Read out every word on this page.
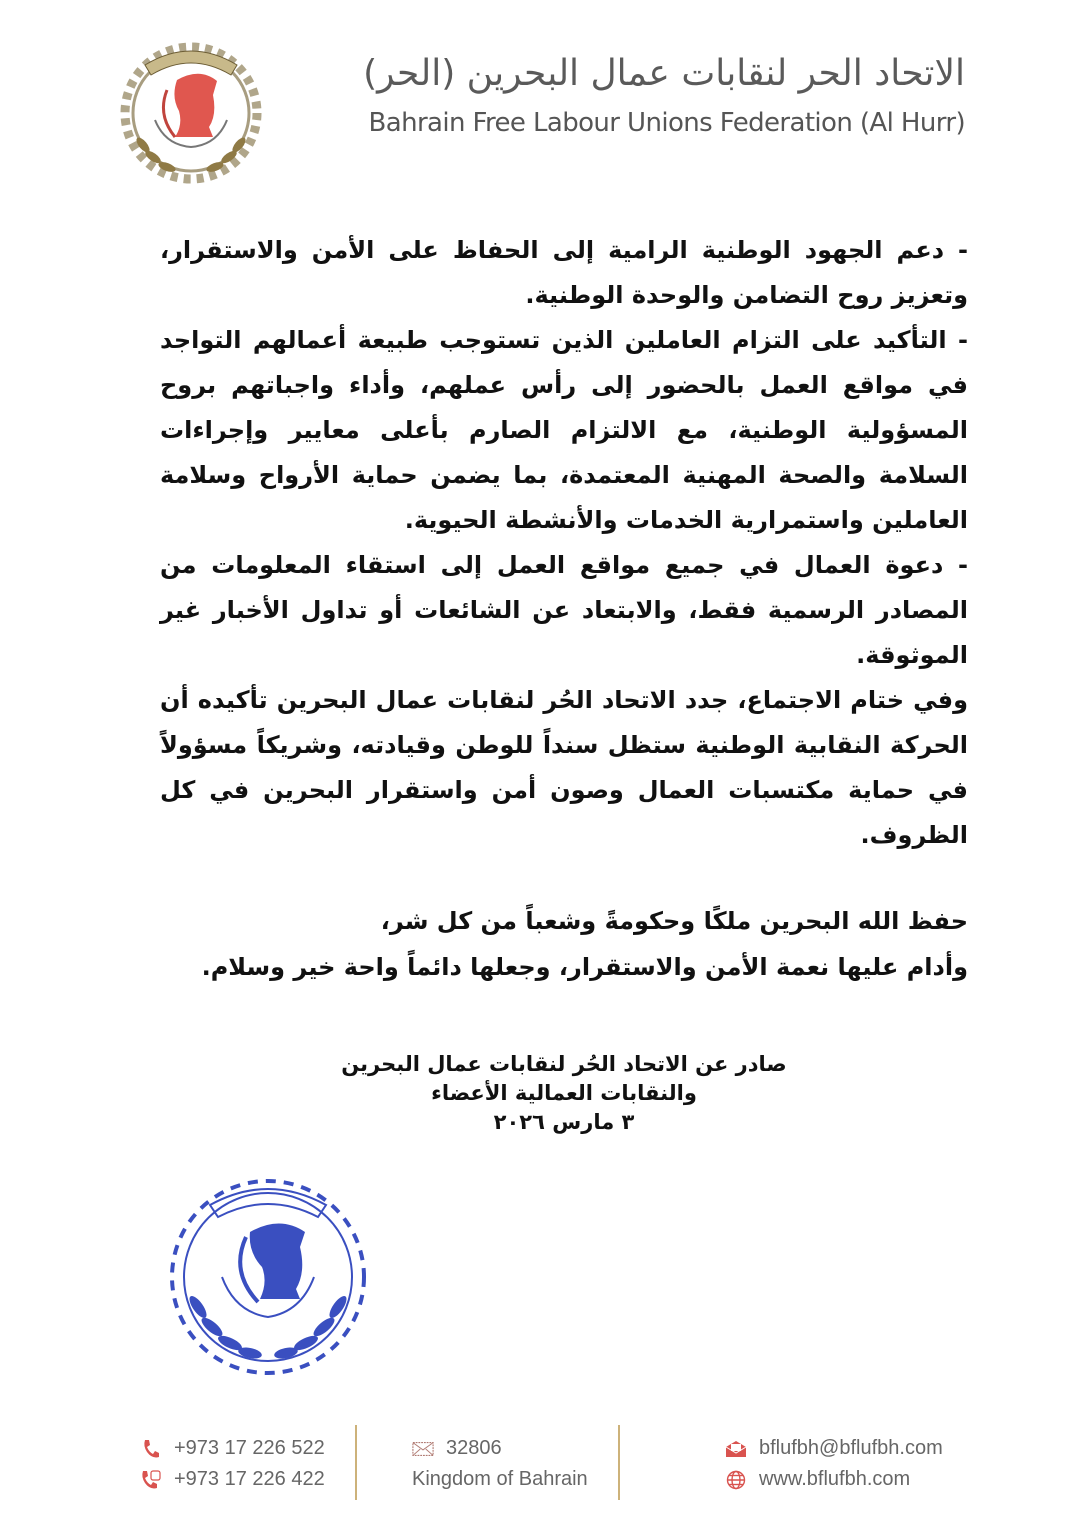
الاتحاد الحر لنقابات عمال البحرين (الحر)
Bahrain Free Labour Unions Federation (Al Hurr)

- دعم الجهود الوطنية الرامية إلى الحفاظ على الأمن والاستقرار، وتعزيز روح التضامن والوحدة الوطنية.

- التأكيد على التزام العاملين الذين تستوجب طبيعة أعمالهم التواجد في مواقع العمل بالحضور إلى رأس عملهم، وأداء واجباتهم بروح المسؤولية الوطنية، مع الالتزام الصارم بأعلى معايير وإجراءات السلامة والصحة المهنية المعتمدة، بما يضمن حماية الأرواح وسلامة العاملين واستمرارية الخدمات والأنشطة الحيوية.

- دعوة العمال في جميع مواقع العمل إلى استقاء المعلومات من المصادر الرسمية فقط، والابتعاد عن الشائعات أو تداول الأخبار غير الموثوقة.

وفي ختام الاجتماع، جدد الاتحاد الحُر لنقابات عمال البحرين تأكيده أن الحركة النقابية الوطنية ستظل سنداً للوطن وقيادته، وشريكاً مسؤولاً في حماية مكتسبات العمال وصون أمن واستقرار البحرين في كل الظروف.

حفظ الله البحرين ملكًا وحكومةً وشعباً من كل شر،

وأدام عليها نعمة الأمن والاستقرار، وجعلها دائماً واحة خير وسلام.

صادر عن الاتحاد الحُر لنقابات عمال البحرين
والنقابات العمالية الأعضاء
٣ مارس ٢٠٢٦
+973 17 226 522
+973 17 226 422
32806
Kingdom of Bahrain
bflufbh@bflufbh.com
www.bflufbh.com
